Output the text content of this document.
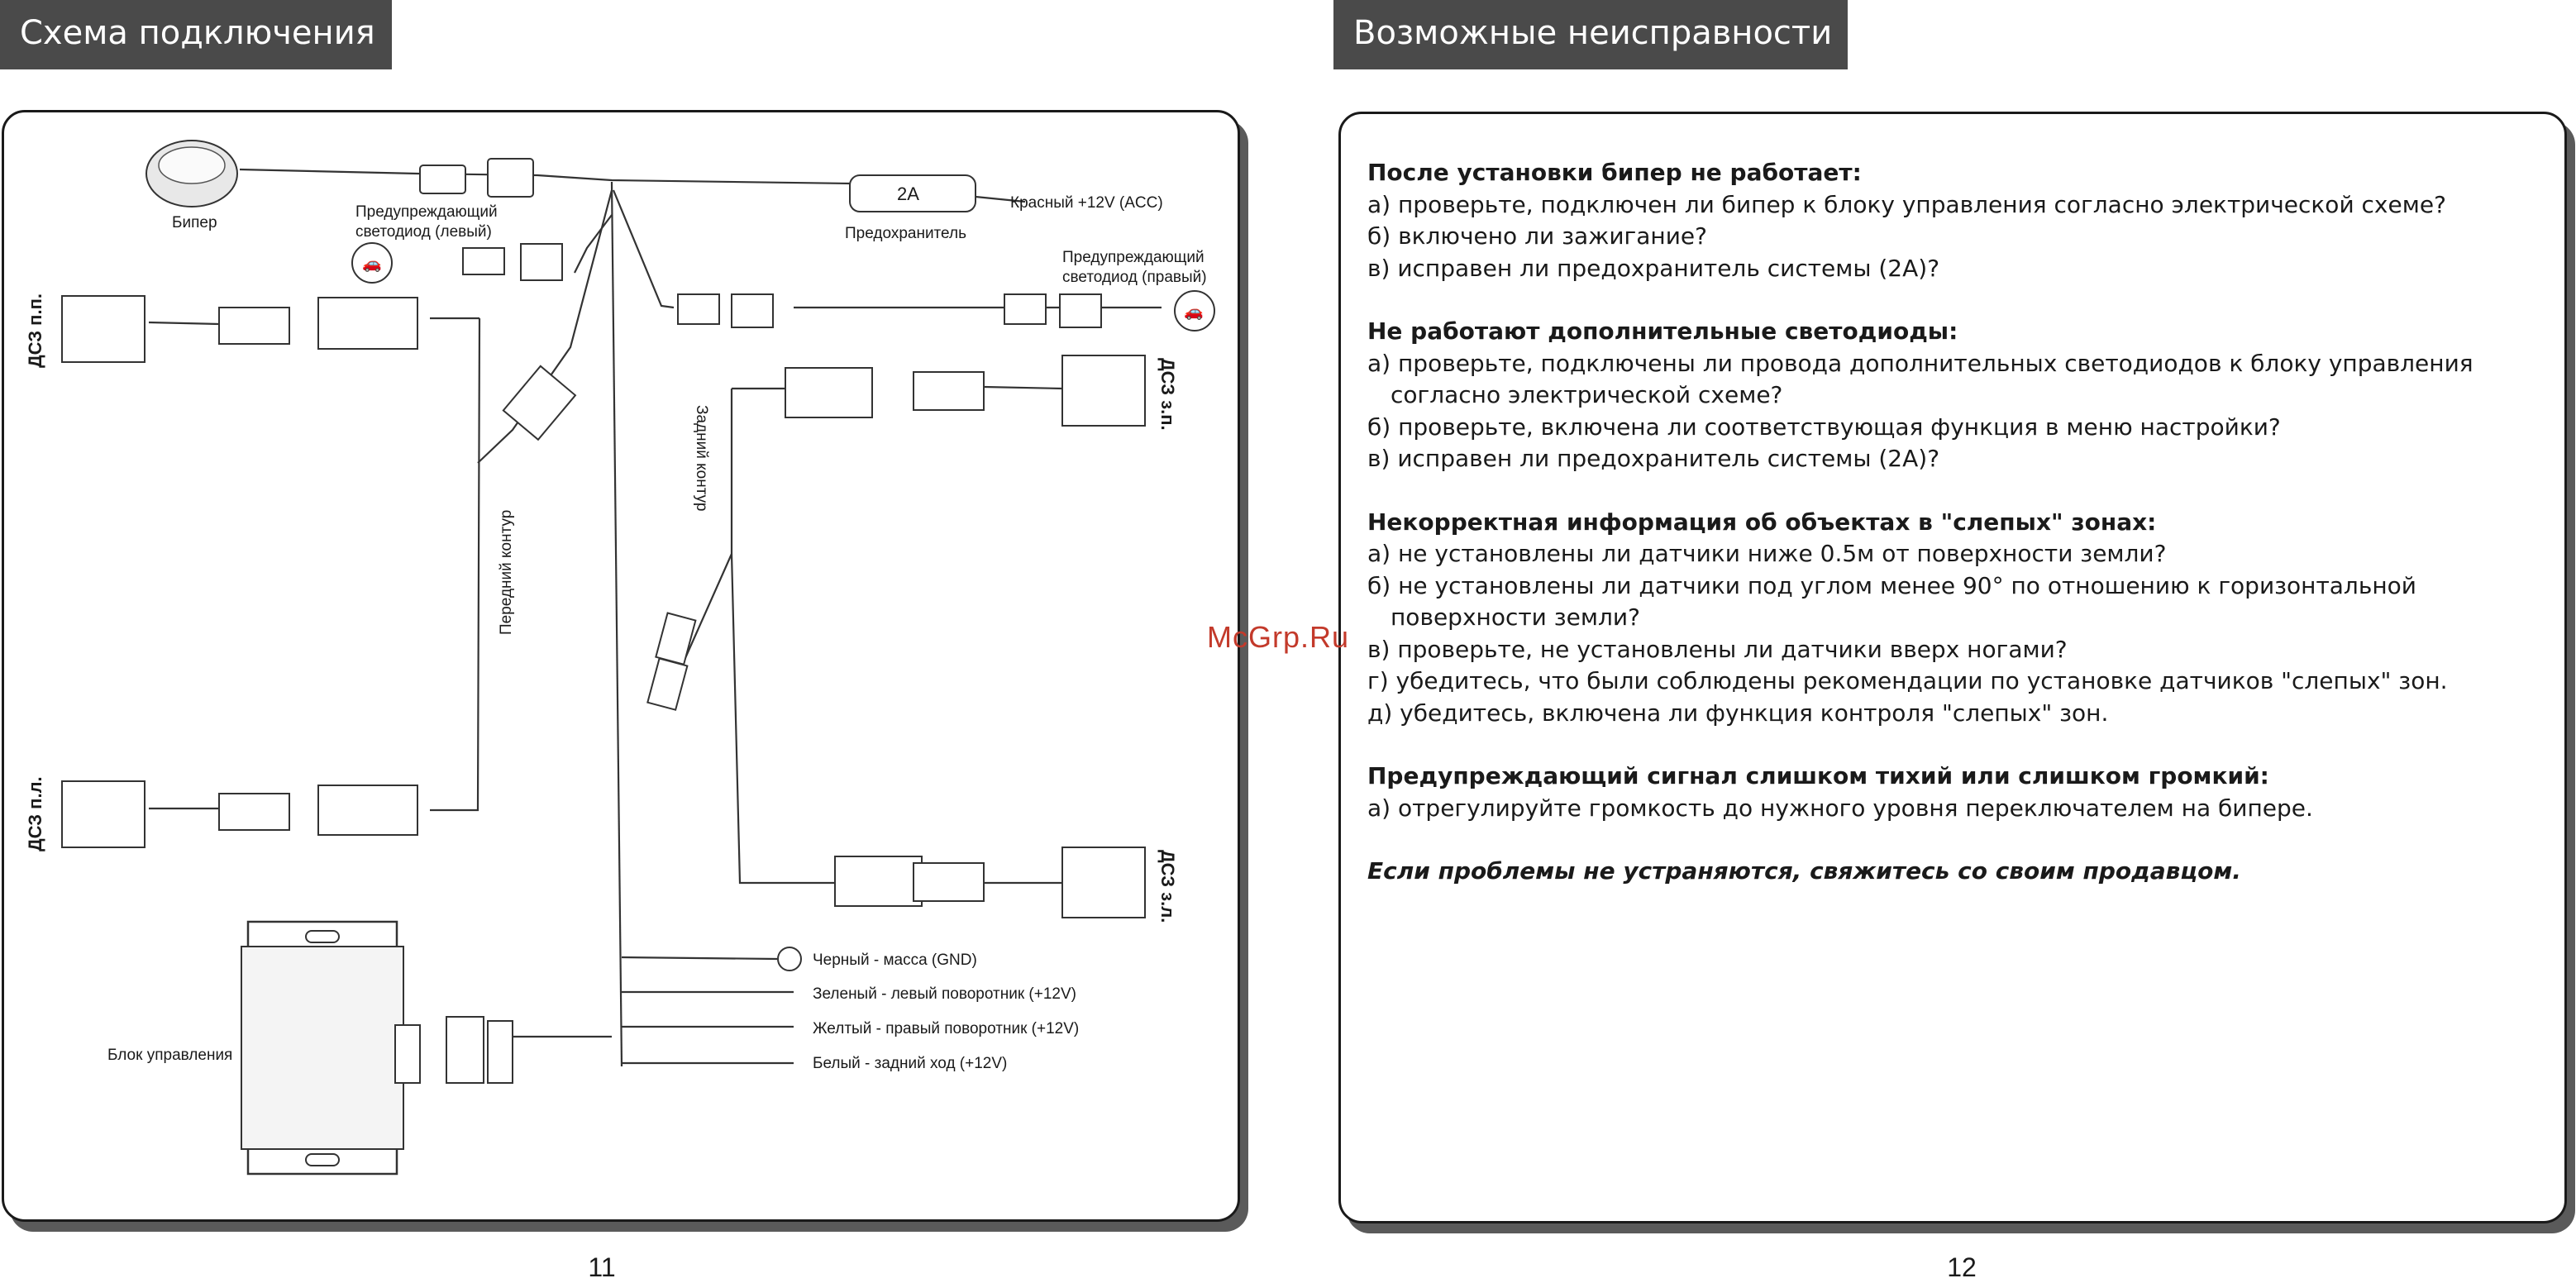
Схема подключения	Возможные неисправности
🚗
🚗
Бипер
Предупреждающий
светодиод (левый)
2A
Предохранитель
Красный +12V (ACC)
Предупреждающий
светодиод (правый)
ДСЗ п.п.
ДСЗ п.л.
ДСЗ з.п.
ДСЗ з.л.
Передний контур
Задний контур
Блок управления
Черный - масса (GND)
Зеленый - левый поворотник (+12V)
Желтый - правый поворотник (+12V)
Белый - задний ход (+12V)
После установки бипер не работает:
а) проверьте, подключен ли бипер к блоку управления согласно электрической схеме?
б) включено ли зажигание?
в) исправен ли предохранитель системы (2А)?
Не работают дополнительные светодиоды:
а) проверьте, подключены ли провода дополнительных светодиодов к блоку управления
согласно электрической схеме?
б) проверьте, включена ли соответствующая функция в меню настройки?
в) исправен ли предохранитель системы (2А)?
Некорректная информация об объектах в "слепых" зонах:
а) не установлены ли датчики ниже 0.5м от поверхности земли?
б) не установлены ли датчики под углом менее 90° по отношению к горизонтальной
поверхности земли?
в) проверьте, не установлены ли датчики вверх ногами?
г) убедитесь, что были соблюдены рекомендации по установке датчиков "слепых" зон.
д) убедитесь, включена ли функция контроля "слепых" зон.
Предупреждающий сигнал слишком тихий или слишком громкий:
а) отрегулируйте громкость до нужного уровня переключателем на бипере.
Если проблемы не устраняются, свяжитесь со своим продавцом.
McGrp.Ru
11	12
